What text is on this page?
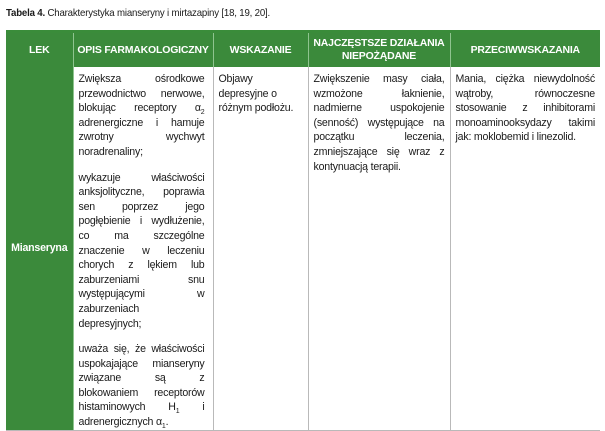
Tabela 4. Charakterystyka mianseryny i mirtazapiny [18, 19, 20].
LEK	OPIS FARMAKOLOGICZNY	WSKAZANIE	NAJCZĘSTSZE DZIAŁANIA NIEPOŻĄDANE	PRZECIWWSKAZANIA
Mianseryna	Zwiększa ośrodkowe przewodnictwo nerwowe, blokując receptory $\alpha_2$ adrenergiczne i hamuje zwrotny wychwyt noradrenaliny;

wykazuje właściwości anksjolityczne, poprawia sen poprzez jego pogłębienie i wydłużenie, co ma szczególne znaczenie w leczeniu chorych z lękiem lub zaburzeniami snu występującymi w zaburzeniach depresyjnych;

uważa się, że właściwości uspokajające mianseryny związane są z blokowaniem receptorów histaminowych $H_1$ i adrenergicznych $\alpha_1$.	Objawy depresyjne o różnym podłożu.	Zwiększenie masy ciała, wzmożone łaknienie, nadmierne uspokojenie (senność) występujące na początku leczenia, zmniejszające się wraz z kontynuacją terapii.	Mania, ciężka niewydolność wątroby, równoczesne stosowanie z inhibitorami monoaminooksydazy takimi jak: moklobemid i linezolid.
